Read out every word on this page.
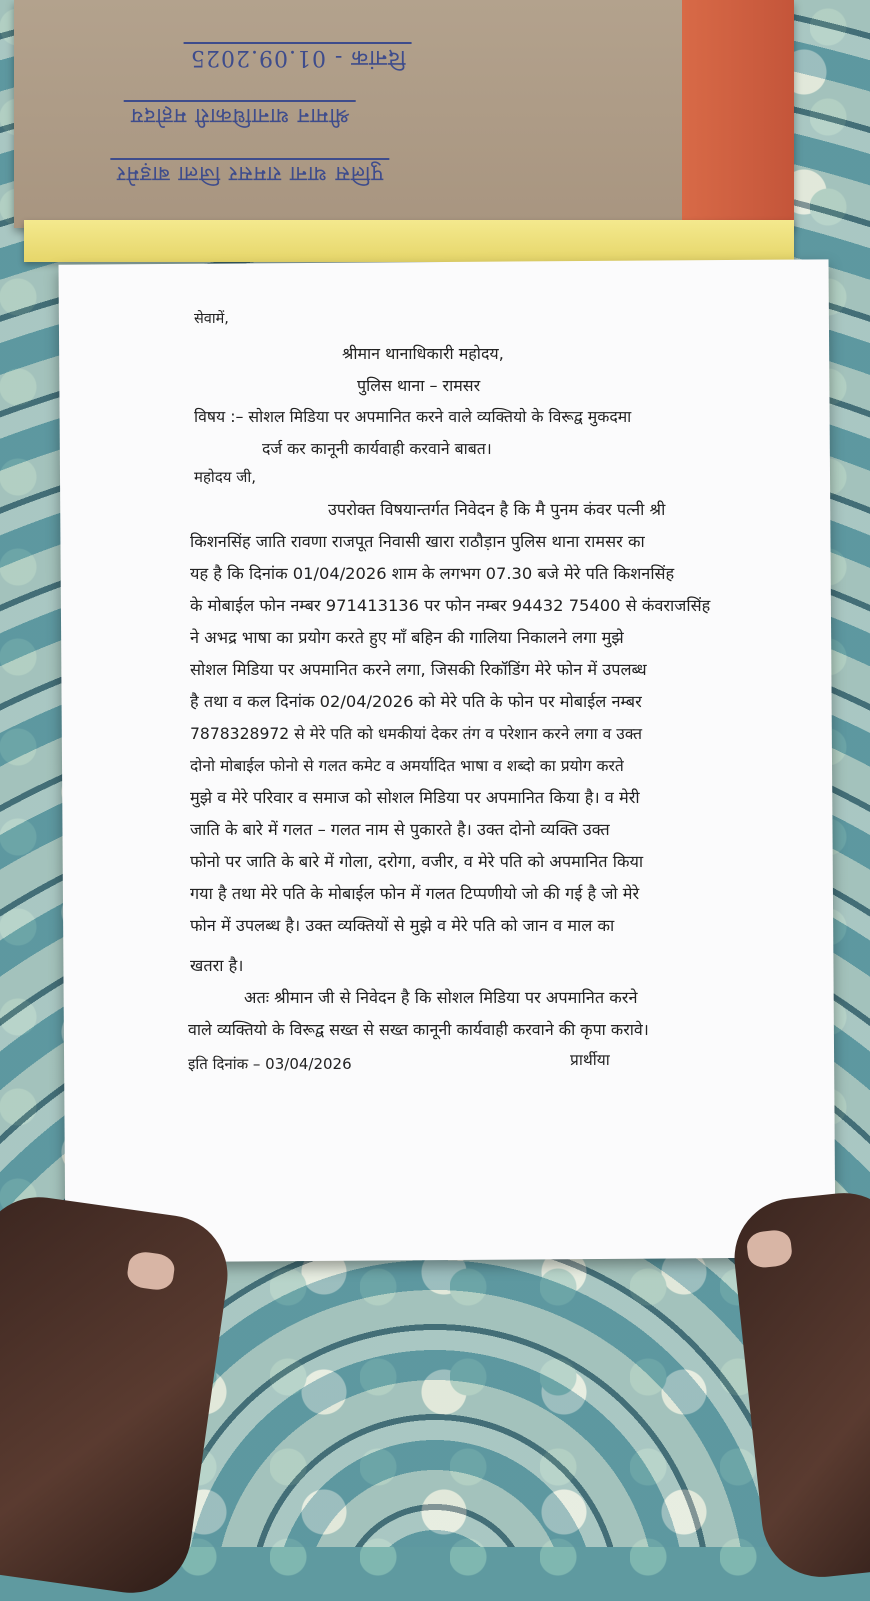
दिनांक - 01.09.2025
श्रीमान थानाधिकारी महोदय
पुलिस थाना रामसर जिला बाड़मेर
सेवामें,
श्रीमान थानाधिकारी महोदय,
पुलिस थाना – रामसर
विषय :– सोशल मिडिया पर अपमानित करने वाले व्यक्तियो के विरूद्व मुकदमा
दर्ज कर कानूनी कार्यवाही करवाने बाबत।
महोदय जी,
उपरोक्त विषयान्तर्गत निवेदन है कि मै पुनम कंवर पत्नी श्री
किशनसिंह जाति रावणा राजपूत निवासी खारा राठौड़ान पुलिस थाना रामसर का
यह है कि दिनांक 01/04/2026 शाम के लगभग 07.30 बजे मेरे पति किशनसिंह
के मोबाईल फोन नम्बर 971413136 पर फोन नम्बर 94432 75400 से कंवराजसिंह
ने अभद्र भाषा का प्रयोग करते हुए मॉं बहिन की गालिया निकालने लगा मुझे
सोशल मिडिया पर अपमानित करने लगा, जिसकी रिकॉडिंग मेरे फोन में उपलब्ध
है तथा व कल दिनांक 02/04/2026 को मेरे पति के फोन पर मोबाईल नम्बर
7878328972 से मेरे पति को धमकीयां देकर तंग व परेशान करने लगा व उक्त
दोनो मोबाईल फोनो से गलत कमेट व अमर्यादित भाषा व शब्दो का प्रयोग करते
मुझे व मेरे परिवार व समाज को सोशल मिडिया पर अपमानित किया है। व मेरी
जाति के बारे में गलत – गलत नाम से पुकारते है। उक्त दोनो व्यक्ति उक्त
फोनो पर जाति के बारे में गोला, दरोगा, वजीर, व मेरे पति को अपमानित किया
गया है तथा मेरे पति के मोबाईल फोन में गलत टिप्पणीयो जो की गई है जो मेरे
फोन में उपलब्ध है। उक्त व्यक्तियों से मुझे व मेरे पति को जान व माल का
खतरा है।
अतः श्रीमान जी से निवेदन है कि सोशल मिडिया पर अपमानित करने
वाले व्यक्तियो के विरूद्व सख्त से सख्त कानूनी कार्यवाही करवाने की कृपा करावे।
इति दिनांक – 03/04/2026	प्रार्थीया
